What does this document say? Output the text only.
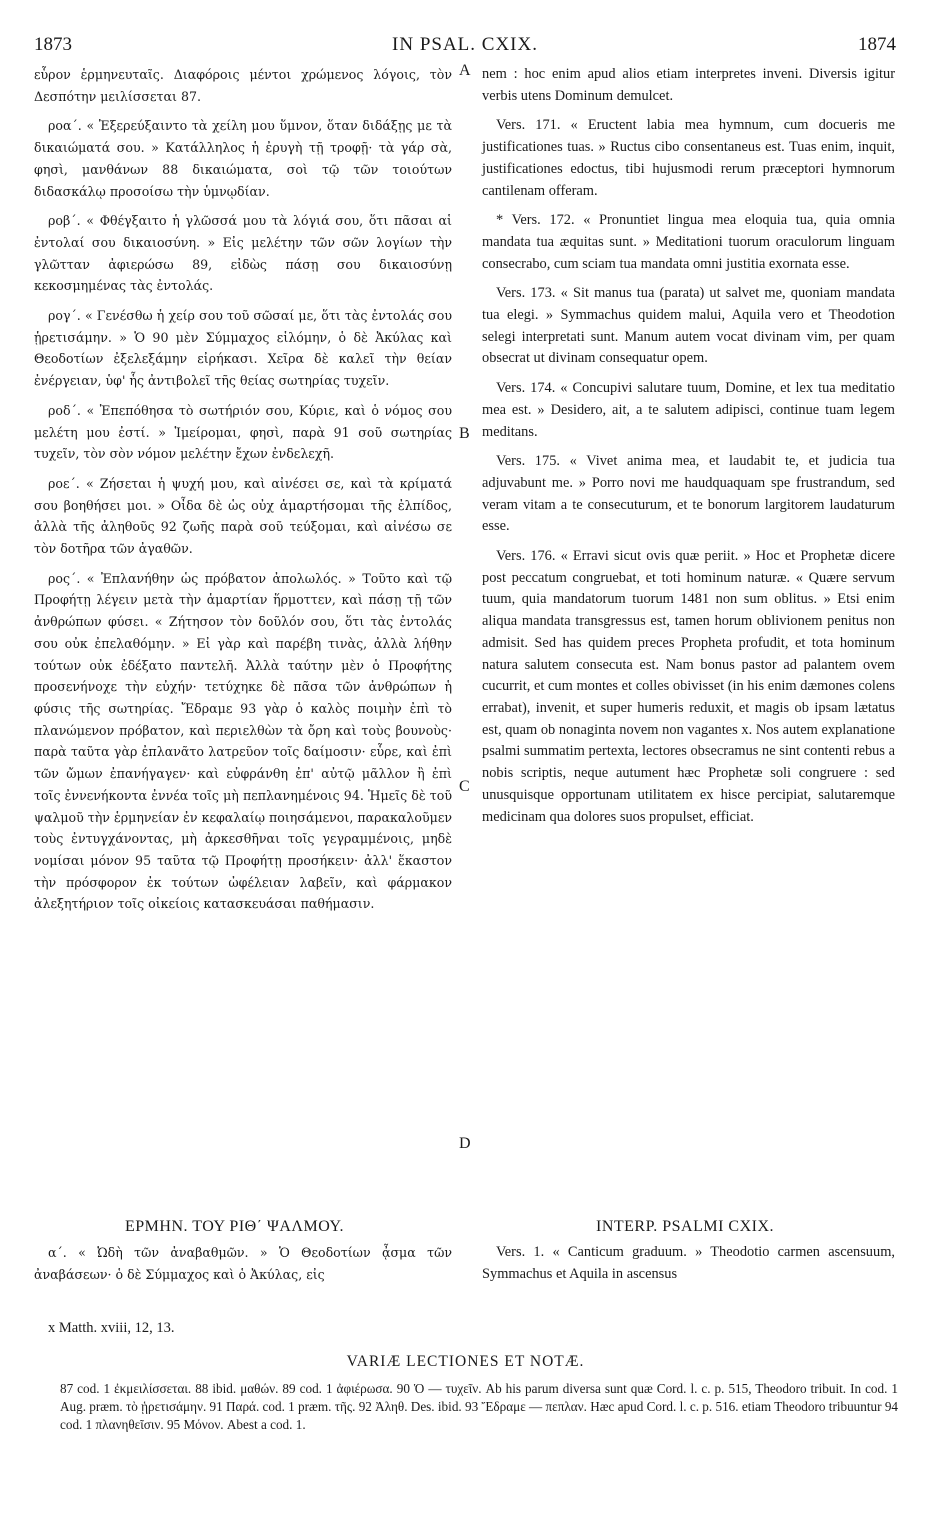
1873	IN PSAL. CXIX.	1874

εὗρον ἑρμηνευταῖς. Διαφόροις μέντοι χρώμενος λόγοις, τὸν Δεσπότην μειλίσσεται 87.

ροα΄. « Ἐξερεύξαιντο τὰ χείλη μου ὕμνον, ὅταν διδάξῃς με τὰ δικαιώματά σου. » Κατάλληλος ἡ ἐρυγὴ τῇ τροφῇ· τὰ γάρ σὰ, φησὶ, μανθάνων 88 δικαιώματα, σοὶ τῷ τῶν τοιούτων διδασκάλῳ προσοίσω τὴν ὑμνῳδίαν.

ροβ΄. « Φθέγξαιτο ἡ γλῶσσά μου τὰ λόγιά σου, ὅτι πᾶσαι αἱ ἐντολαί σου δικαιοσύνη. » Εἰς μελέτην τῶν σῶν λογίων τὴν γλῶτταν ἀφιερώσω 89, εἰδὼς πάσῃ σου δικαιοσύνῃ κεκοσμημένας τὰς ἐντολάς.

ρογ΄. « Γενέσθω ἡ χείρ σου τοῦ σῶσαί με, ὅτι τὰς ἐντολάς σου ᾑρετισάμην. » Ὁ 90 μὲν Σύμμαχος εἱλόμην, ὁ δὲ Ἀκύλας καὶ Θεοδοτίων ἐξελεξάμην εἰρήκασι. Χεῖρα δὲ καλεῖ τὴν θείαν ἐνέργειαν, ὑφ' ἧς ἀντιβολεῖ τῆς θείας σωτηρίας τυχεῖν.

ροδ΄. « Ἐπεπόθησα τὸ σωτήριόν σου, Κύριε, καὶ ὁ νόμος σου μελέτη μου ἐστί. » Ἱμείρομαι, φησὶ, παρὰ 91 σοῦ σωτηρίας τυχεῖν, τὸν σὸν νόμον μελέτην ἔχων ἐνδελεχῆ.

ροε΄. « Ζήσεται ἡ ψυχή μου, καὶ αἰνέσει σε, καὶ τὰ κρίματά σου βοηθήσει μοι. » Οἶδα δὲ ὡς οὐχ ἁμαρτήσομαι τῆς ἐλπίδος, ἀλλὰ τῆς ἀληθοῦς 92 ζωῆς παρὰ σοῦ τεύξομαι, καὶ αἰνέσω σε τὸν δοτῆρα τῶν ἀγαθῶν.

ρος΄. « Ἐπλανήθην ὡς πρόβατον ἀπολωλός. » Τοῦτο καὶ τῷ Προφήτῃ λέγειν μετὰ τὴν ἁμαρτίαν ἥρμοττεν, καὶ πάσῃ τῇ τῶν ἀνθρώπων φύσει. « Ζήτησον τὸν δοῦλόν σου, ὅτι τὰς ἐντολάς σου οὐκ ἐπελαθόμην. » Εἰ γὰρ καὶ παρέβη τινὰς, ἀλλὰ λήθην τούτων οὐκ ἐδέξατο παντελῆ. Ἀλλὰ ταύτην μὲν ὁ Προφήτης προσενήνοχε τὴν εὐχήν· τετύχηκε δὲ πᾶσα τῶν ἀνθρώπων ἡ φύσις τῆς σωτηρίας. Ἔδραμε 93 γὰρ ὁ καλὸς ποιμὴν ἐπὶ τὸ πλανώμενον πρόβατον, καὶ περιελθὼν τὰ ὄρη καὶ τοὺς βουνοὺς· παρὰ ταῦτα γὰρ ἐπλανᾶτο λατρεῦον τοῖς δαίμοσιν· εὗρε, καὶ ἐπὶ τῶν ὤμων ἐπανήγαγεν· καὶ εὐφράνθη ἐπ' αὐτῷ μᾶλλον ἢ ἐπὶ τοῖς ἐννενήκοντα ἐννέα τοῖς μὴ πεπλανημένοις 94. Ἡμεῖς δὲ τοῦ ψαλμοῦ τὴν ἑρμηνείαν ἐν κεφαλαίῳ ποιησάμενοι, παρακαλοῦμεν τοὺς ἐντυγχάνοντας, μὴ ἀρκεσθῆναι τοῖς γεγραμμένοις, μηδὲ νομίσαι μόνον 95 ταῦτα τῷ Προφήτῃ προσήκειν· ἀλλ' ἕκαστον τὴν πρόσφορον ἐκ τούτων ὠφέλειαν λαβεῖν, καὶ φάρμακον ἀλεξητήριον τοῖς οἰκείοις κατασκευάσαι παθήμασιν.

A
B
C
D

nem : hoc enim apud alios etiam interpretes inveni. Diversis igitur verbis utens Dominum demulcet.

Vers. 171. « Eructent labia mea hymnum, cum docueris me justificationes tuas. » Ructus cibo consentaneus est. Tuas enim, inquit, justificationes edoctus, tibi hujusmodi rerum præceptori hymnorum cantilenam offeram.

* Vers. 172. « Pronuntiet lingua mea eloquia tua, quia omnia mandata tua æquitas sunt. » Meditationi tuorum oraculorum linguam consecrabo, cum sciam tua mandata omni justitia exornata esse.

Vers. 173. « Sit manus tua (parata) ut salvet me, quoniam mandata tua elegi. » Symmachus quidem malui, Aquila vero et Theodotion selegi interpretati sunt. Manum autem vocat divinam vim, per quam obsecrat ut divinam consequatur opem.

Vers. 174. « Concupivi salutare tuum, Domine, et lex tua meditatio mea est. » Desidero, ait, a te salutem adipisci, continue tuam legem meditans.

Vers. 175. « Vivet anima mea, et laudabit te, et judicia tua adjuvabunt me. » Porro novi me haudquaquam spe frustrandum, sed veram vitam a te consecuturum, et te bonorum largitorem laudaturum esse.

Vers. 176. « Erravi sicut ovis quæ periit. » Hoc et Prophetæ dicere post peccatum congruebat, et toti hominum naturæ. « Quære servum tuum, quia mandatorum tuorum 1481 non sum oblitus. » Etsi enim aliqua mandata transgressus est, tamen horum oblivionem penitus non admisit. Sed has quidem preces Propheta profudit, et tota hominum natura salutem consecuta est. Nam bonus pastor ad palantem ovem cucurrit, et cum montes et colles obivisset (in his enim dæmones colens errabat), invenit, et super humeris reduxit, et magis ob ipsam lætatus est, quam ob nonaginta novem non vagantes x. Nos autem explanatione psalmi summatim pertexta, lectores obsecramus ne sint contenti rebus a nobis scriptis, neque autument hæc Prophetæ soli congruere : sed unusquisque opportunam utilitatem ex hisce percipiat, salutaremque medicinam qua dolores suos propulset, efficiat.

ΕΡΜΗΝ. ΤΟΥ ΡΙΘ΄ ΨΑΛΜΟΥ.	INTERP. PSALMI CXIX.

α΄. « Ὠδὴ τῶν ἀναβαθμῶν. » Ὁ Θεοδοτίων ᾆσμα τῶν ἀναβάσεων· ὁ δὲ Σύμμαχος καὶ ὁ Ἀκύλας, εἰς

Vers. 1. « Canticum graduum. » Theodotio carmen ascensuum, Symmachus et Aquila in ascensus

x Matth. xviii, 12, 13.
VARIÆ LECTIONES ET NOTÆ.
87 cod. 1 ἐκμειλίσσεται. 88 ibid. μαθών. 89 cod. 1 ἀφιέρωσα. 90 Ὁ — τυχεῖν. Ab his parum diversa sunt quæ Cord. l. c. p. 515, Theodoro tribuit. In cod. 1 Aug. præm. τὸ ᾑρετισάμην. 91 Παρά. cod. 1 præm. τῆς. 92 Ἀληθ. Des. ibid. 93 Ἔδραμε — πεπλαν. Hæc apud Cord. l. c. p. 516. etiam Theodoro tribuuntur 94 cod. 1 πλανηθεῖσιν. 95 Μόνον. Abest a cod. 1.
